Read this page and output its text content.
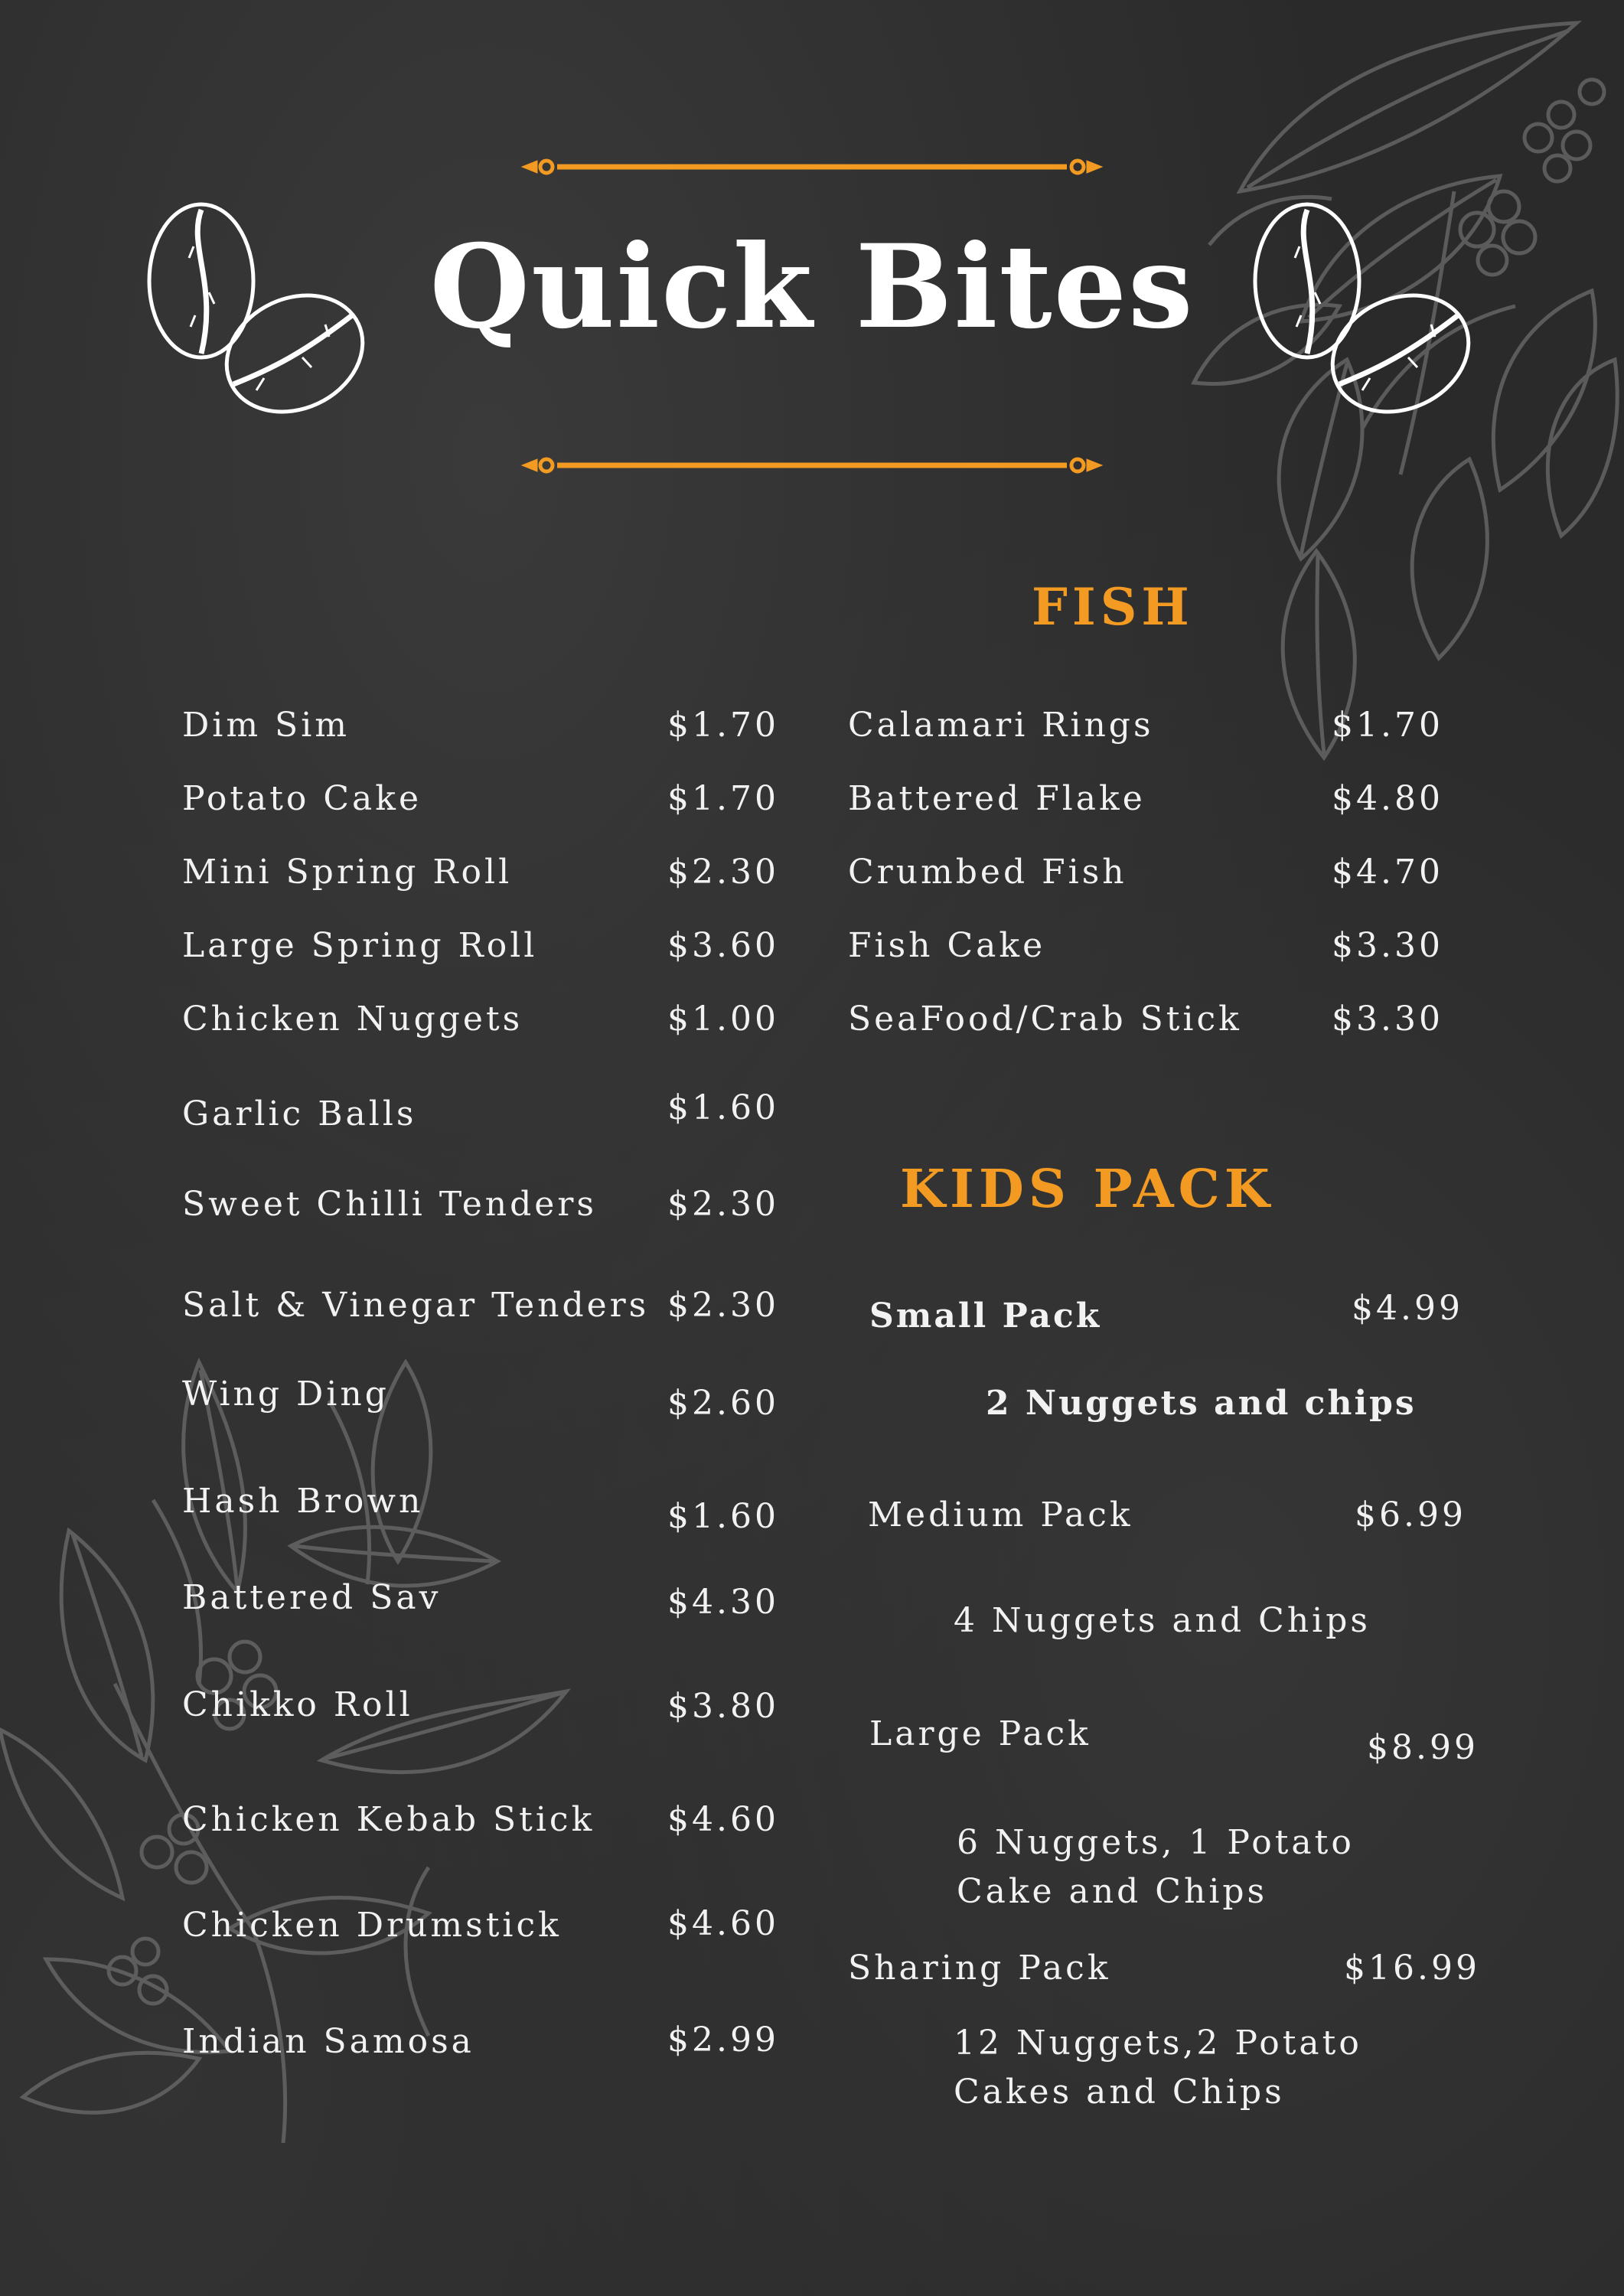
Quick Bites
FISH
KIDS PACK
Dim Sim	$1.70
Potato Cake	$1.70
Mini Spring Roll	$2.30
Large Spring Roll	$3.60
Chicken Nuggets	$1.00
Garlic Balls	$1.60
Sweet Chilli Tenders $2.30
Salt & Vinegar Tenders $2.30
Wing Ding	$2.60
Hash Brown	$1.60
Battered Sav	$4.30
Chikko Roll	$3.80
Chicken Kebab Stick $4.60
Chicken Drumstick	$4.60
Indian Samosa	$2.99
Calamari Rings	$1.70
Battered Flake	$4.80
Crumbed Fish	$4.70
Fish Cake	$3.30
SeaFood/Crab Stick	$3.30
Small Pack	$4.99
2 Nuggets and chips
Medium Pack	$6.99
4 Nuggets and Chips
Large Pack	$8.99
6 Nuggets, 1 Potato
Cake and Chips
Sharing Pack	$16.99
12 Nuggets,2 Potato
Cakes and Chips
